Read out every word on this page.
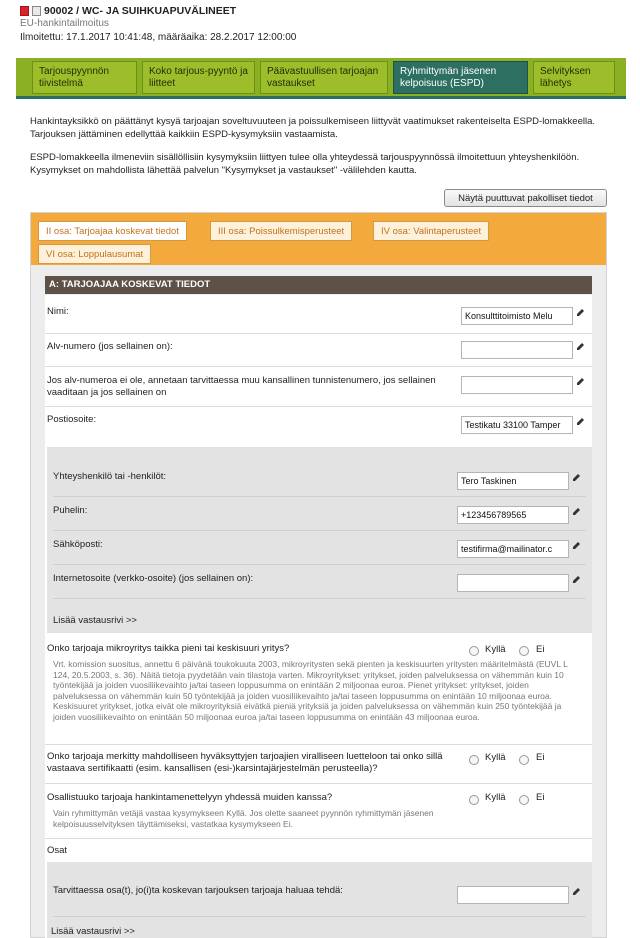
90002 / WC- JA SUIHKUAPUVÄLINEET
EU-hankintailmoitus
Ilmoitettu: 17.1.2017 10:41:48, määräaika: 28.2.2017 12:00:00
Tarjouspyynnön tiivistelmä
Koko tarjous-pyyntö ja liitteet
Päävastuullisen tarjoajan vastaukset
Ryhmittymän jäsenen kelpoisuus (ESPD)
Selvityksen lähetys
Hankintayksikkö on päättänyt kysyä tarjoajan soveltuvuuteen ja poissulkemiseen liittyvät vaatimukset rakenteiselta ESPD-lomakkeella. Tarjouksen jättäminen edellyttää kaikkiin ESPD-kysymyksiin vastaamista.
ESPD-lomakkeella ilmeneviin sisällöllisiin kysymyksiin liittyen tulee olla yhteydessä tarjouspyynnössä ilmoitettuun yhteyshenkilöön. Kysymykset on mahdollista lähettää palvelun "Kysymykset ja vastaukset" -välilehden kautta.
Näytä puuttuvat pakolliset tiedot
II osa: Tarjoajaa koskevat tiedot	III osa: Poissulkemisperusteet	IV osa: Valintaperusteet
VI osa: Loppulausumat
A: TARJOAJAA KOSKEVAT TIEDOT
Nimi:	Konsulttitoimisto Melu
Alv-numero (jos sellainen on):
Jos alv-numeroa ei ole, annetaan tarvittaessa muu kansallinen tunnistenumero, jos sellainen vaaditaan ja jos sellainen on
Postiosoite:	Testikatu 33100 Tamper
Yhteyshenkilö tai -henkilöt:	Tero Taskinen
Puhelin:	+123456789565
Sähköposti:	testifirma@mailinator.c
Internetosoite (verkko-osoite) (jos sellainen on):
Lisää vastausrivi >>
Onko tarjoaja mikroyritys taikka pieni tai keskisuuri yritys?	Kyllä	Ei
Vrt. komission suositus, annettu 6 päivänä toukokuuta 2003, mikroyritysten sekä pienten ja keskisuurten yritysten määritelmästä (EUVL L 124, 20.5.2003, s. 36). Näitä tietoja pyydetään vain tilastoja varten. Mikroyritykset: yritykset, joiden palveluksessa on vähemmän kuin 10 työntekijää ja joiden vuosiliikevaihto ja/tai taseen loppusumma on enintään 2 miljoonaa euroa. Pienet yritykset: yritykset, joiden palveluksessa on vähemmän kuin 50 työntekijää ja joiden vuosiliikevaihto ja/tai taseen loppusumma on enintään 10 miljoonaa euroa. Keskisuuret yritykset, jotka eivät ole mikroyrityksiä eivätkä pieniä yrityksiä ja joiden palveluksessa on vähemmän kuin 250 työntekijää ja joiden vuosiliikevaihto on enintään 50 miljoonaa euroa ja/tai taseen loppusumma on enintään 43 miljoonaa euroa.
Onko tarjoaja merkitty mahdolliseen hyväksyttyjen tarjoajien viralliseen luetteloon tai onko sillä vastaava sertifikaatti (esim. kansallisen (esi-)karsintajärjestelmän perusteella)?
Kyllä	Ei
Osallistuuko tarjoaja hankintamenettelyyn yhdessä muiden kanssa?	Kyllä	Ei
Vain ryhmittymän vetäjä vastaa kysymykseen Kyllä. Jos olette saaneet pyynnön ryhmittymän jäsenen kelpoisuusselvityksen täyttämiseksi, vastatkaa kysymykseen Ei.
Osat
Tarvittaessa osa(t), jo(i)ta koskevan tarjouksen tarjoaja haluaa tehdä:
Lisää vastausrivi >>
